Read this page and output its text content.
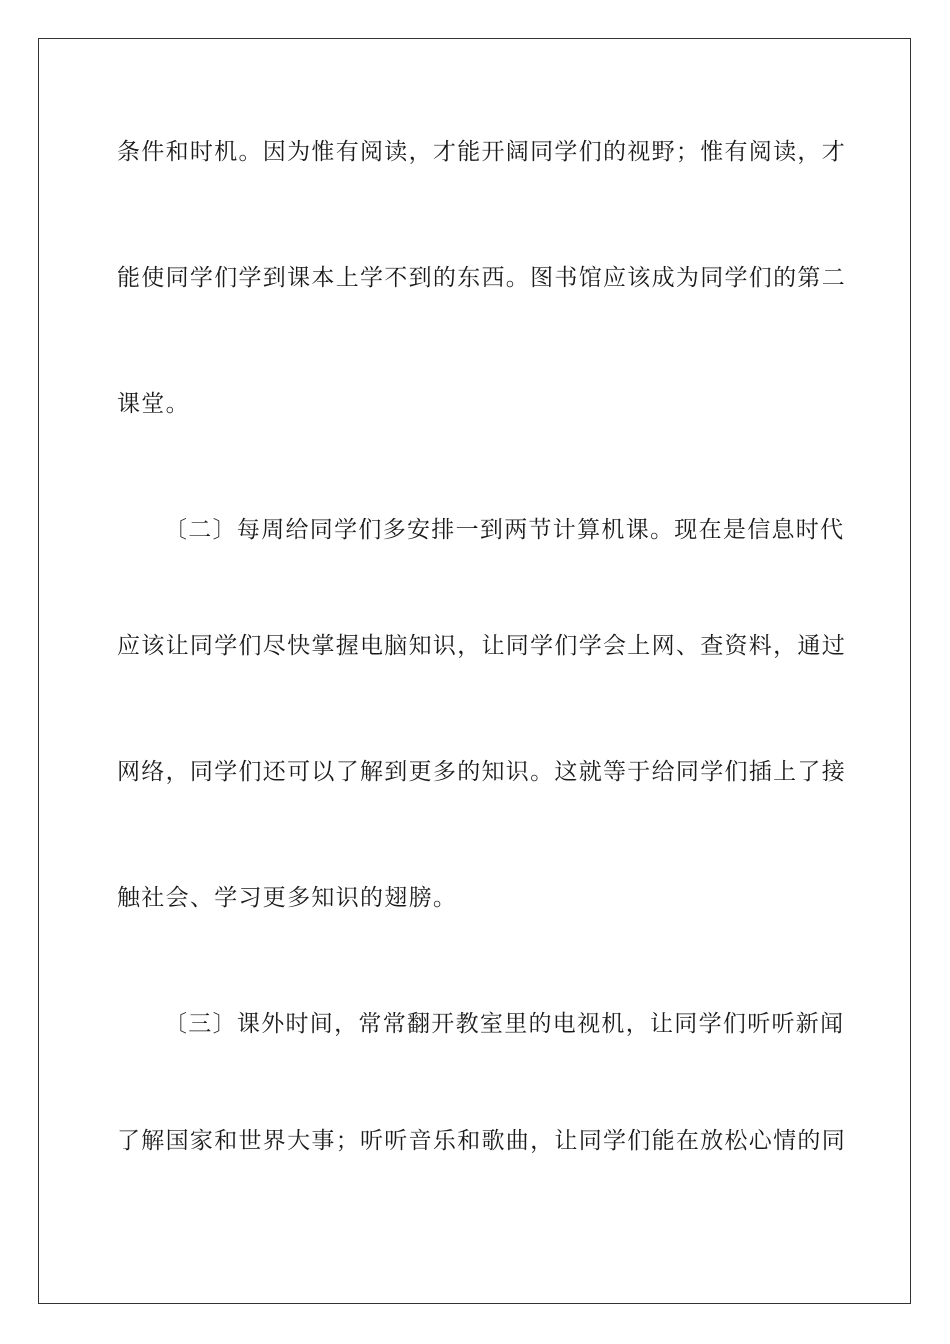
条件和时机。因为惟有阅读，才能开阔同学们的视野；惟有阅读，才
能使同学们学到课本上学不到的东西。图书馆应该成为同学们的第二
课堂。
〔二〕每周给同学们多安排一到两节计算机课。现在是信息时代
应该让同学们尽快掌握电脑知识，让同学们学会上网、查资料，通过
网络，同学们还可以了解到更多的知识。这就等于给同学们插上了接
触社会、学习更多知识的翅膀。
〔三〕课外时间，常常翻开教室里的电视机，让同学们听听新闻
了解国家和世界大事；听听音乐和歌曲，让同学们能在放松心情的同
